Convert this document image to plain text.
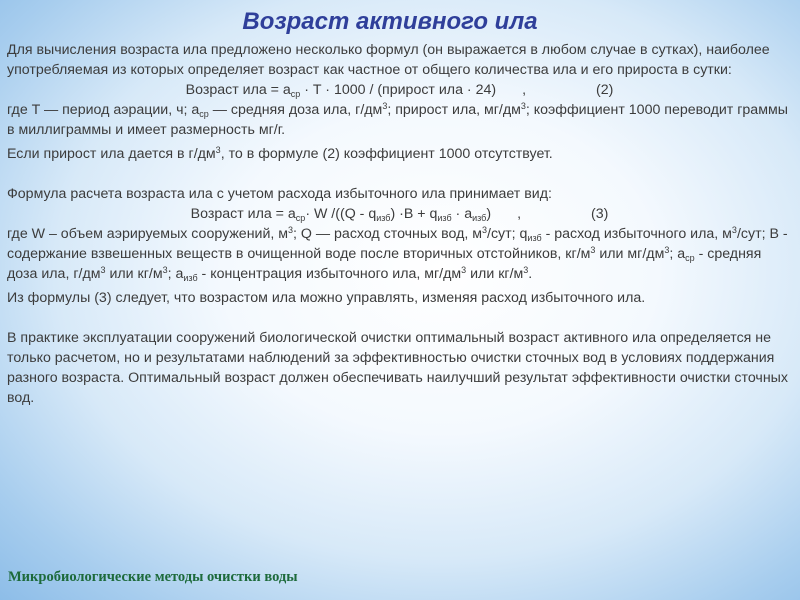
Возраст активного ила

Для вычисления возраста ила предложено несколько формул (он выражается в любом случае в сутках), наиболее употребляемая из которых определяет возраст как частное от общего количества ила и его прироста в сутки:

Возраст ила = $a_{ср} \cdot T \cdot 1000$ / (прирост ила · 24) ,	(2)

где T — период аэрации, ч; $a_{ср}$ — средняя доза ила, $г/дм^3$; прирост ила, $мг/дм^3$; коэффициент 1000 переводит граммы в миллиграммы и имеет размерность мг/г.

Если прирост ила дается в $г/дм^3$, то в формуле (2) коэффициент 1000 отсутствует.

Формула расчета возраста ила с учетом расхода избыточного ила принимает вид:

Возраст ила = $a_{ср}\cdot W$ $/((Q - q_{изб}) \cdot B + q_{изб} \cdot a_{изб})$ ,	(3)

где W – объем аэрируемых сооружений, $м^3$; Q — расход сточных вод, $м^3$/сут; $q_{изб}$ - расход избыточного ила, $м^3$/сут; B - содержание взвешенных веществ в очищенной воде после вторичных отстойников, $кг/м^3$ или $мг/дм^3$; $a_{ср}$ - средняя доза ила, $г/дм^3$ или $кг/м^3$; $a_{изб}$ - концентрация избыточного ила, $мг/дм^3$ или $кг/м^3$.

Из формулы (3) следует, что возрастом ила можно управлять, изменяя расход избыточного ила.

В практике эксплуатации сооружений биологической очистки оптимальный возраст активного ила определяется не только расчетом, но и результатами наблюдений за эффективностью очистки сточных вод в условиях поддержания разного возраста. Оптимальный возраст должен обеспечивать наилучший результат эффективности очистки сточных вод.

Микробиологические методы очистки воды
